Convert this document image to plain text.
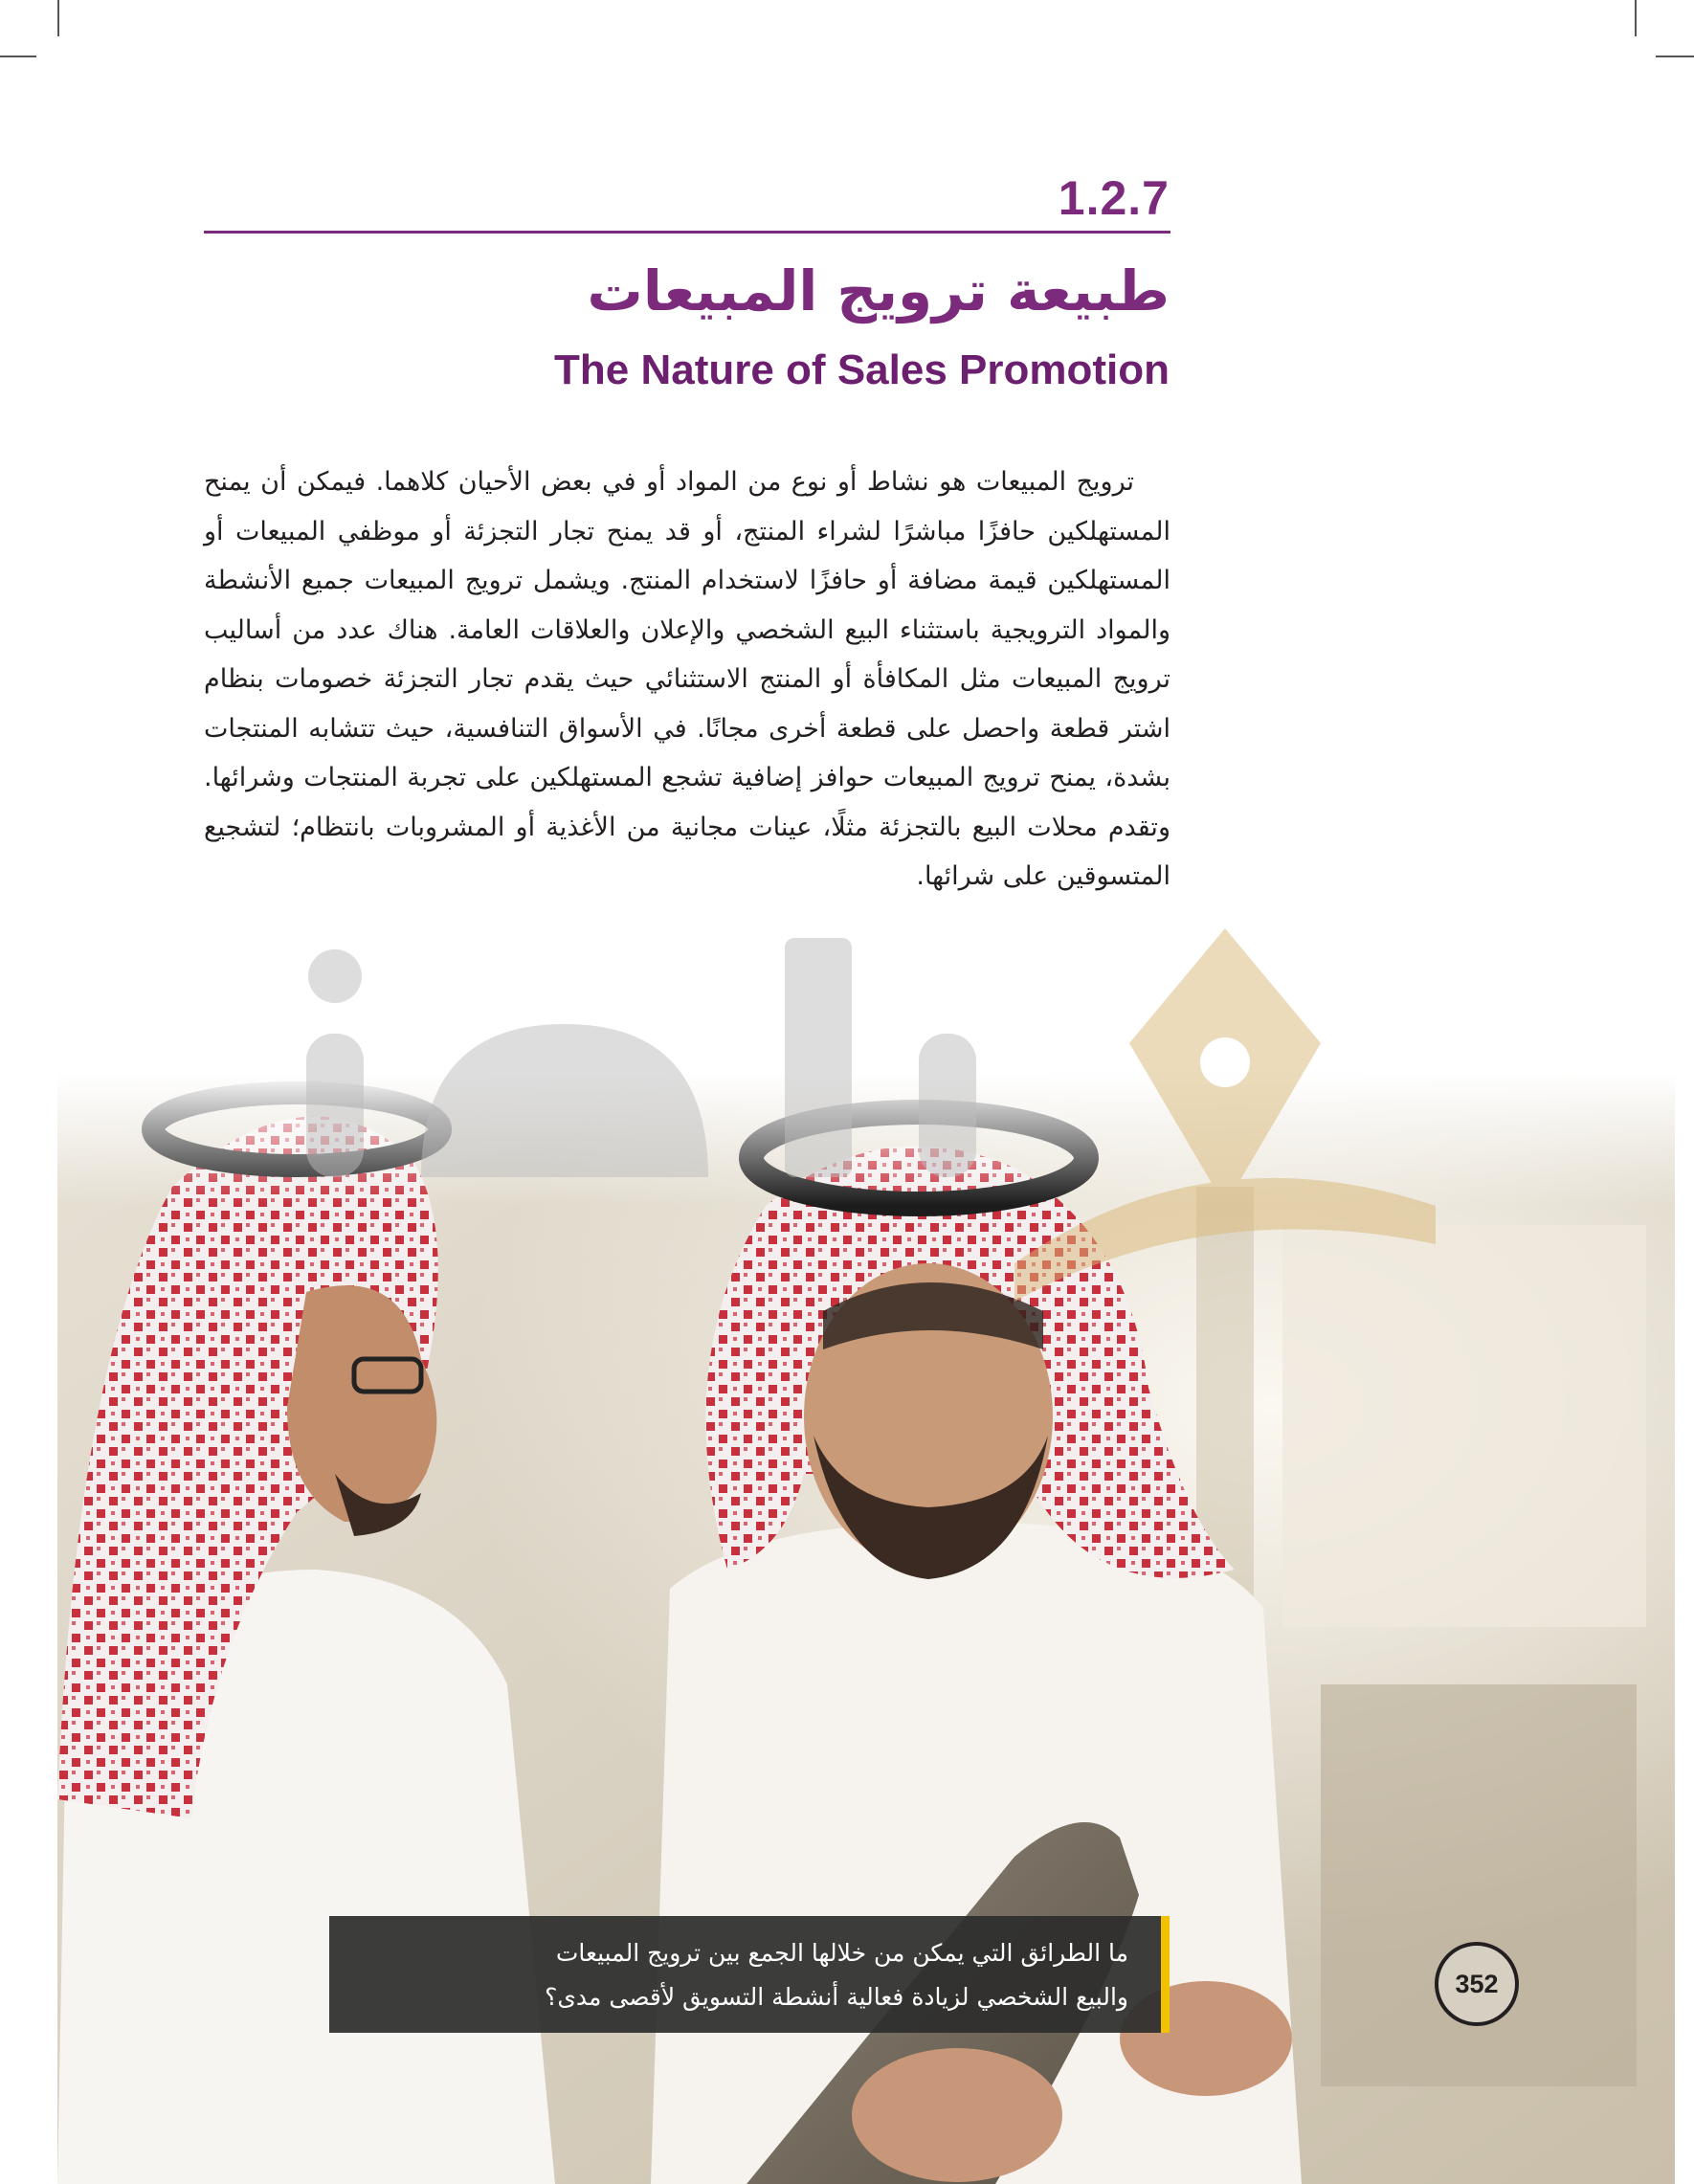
1.2.7
طبيعة ترويج المبيعات
The Nature of Sales Promotion
ترويج المبيعات هو نشاط أو نوع من المواد أو في بعض الأحيان كلاهما. فيمكن أن يمنح المستهلكين حافزًا مباشرًا لشراء المنتج، أو قد يمنح تجار التجزئة أو موظفي المبيعات أو المستهلكين قيمة مضافة أو حافزًا لاستخدام المنتج. ويشمل ترويج المبيعات جميع الأنشطة والمواد الترويجية باستثناء البيع الشخصي والإعلان والعلاقات العامة. هناك عدد من أساليب ترويج المبيعات مثل المكافأة أو المنتج الاستثنائي حيث يقدم تجار التجزئة خصومات بنظام اشتر قطعة واحصل على قطعة أخرى مجانًا. في الأسواق التنافسية، حيث تتشابه المنتجات بشدة، يمنح ترويج المبيعات حوافز إضافية تشجع المستهلكين على تجربة المنتجات وشرائها. وتقدم محلات البيع بالتجزئة مثلًا، عينات مجانية من الأغذية أو المشروبات بانتظام؛ لتشجيع المتسوقين على شرائها.
ما الطرائق التي يمكن من خلالها الجمع بين ترويج المبيعات
والبيع الشخصي لزيادة فعالية أنشطة التسويق لأقصى مدى؟	352
